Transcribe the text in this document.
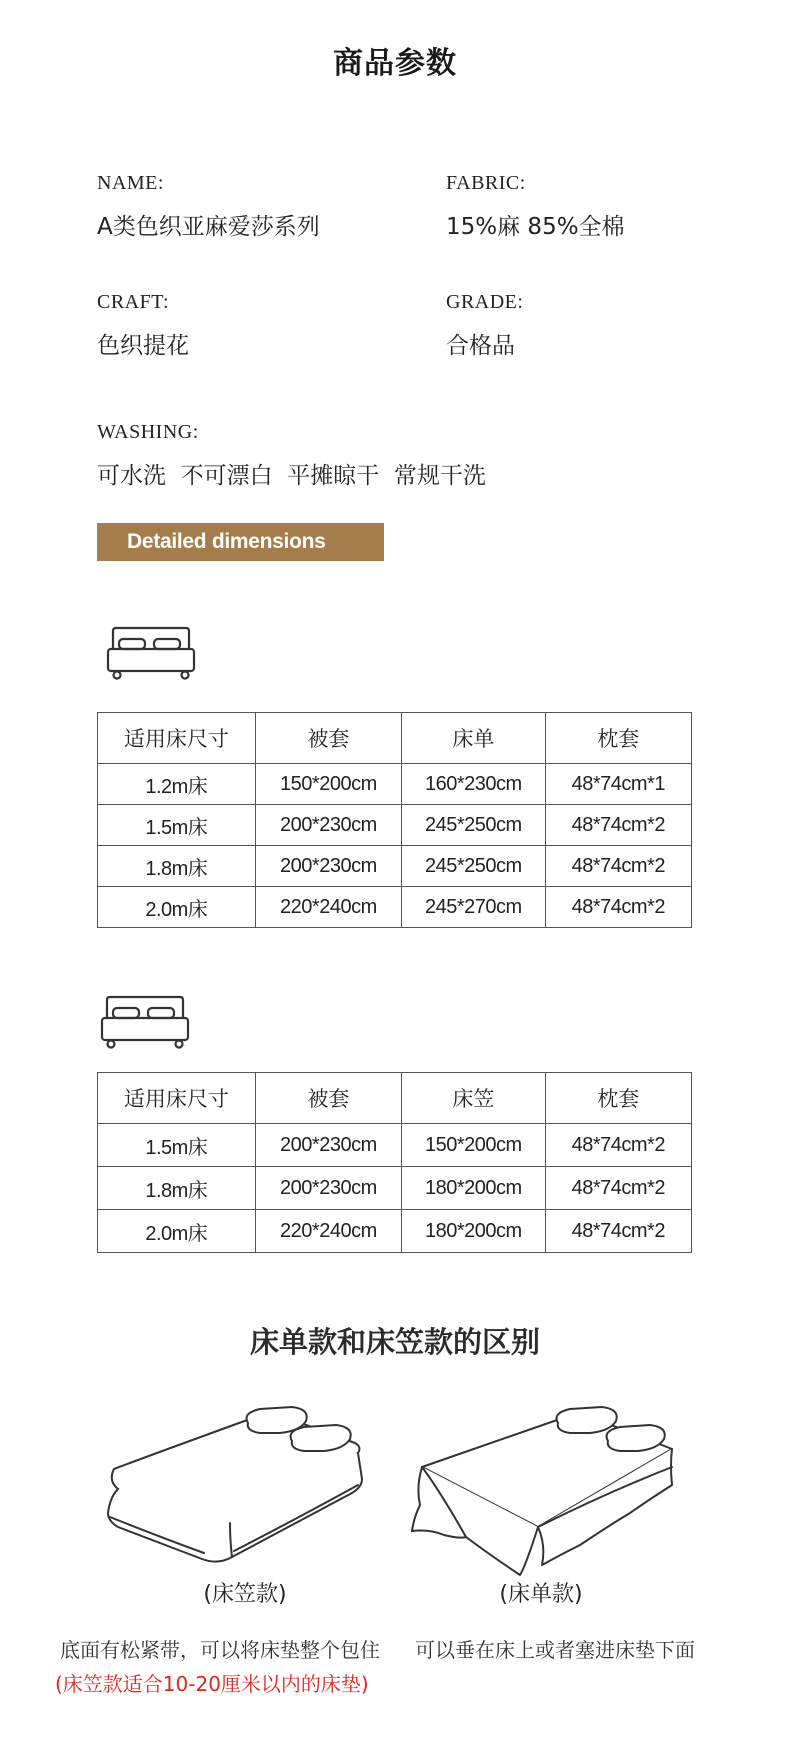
商品参数
NAME:
A类色织亚麻爱莎系列
FABRIC:
15%麻 85%全棉
CRAFT:
色织提花
GRADE:
合格品
WASHING:
可水洗  不可漂白  平摊晾干  常规干洗
Detailed dimensions
适用床尺寸	被套	床单	枕套
1.2m床	150*200cm	160*230cm	48*74cm*1
1.5m床	200*230cm	245*250cm	48*74cm*2
1.8m床	200*230cm	245*250cm	48*74cm*2
2.0m床	220*240cm	245*270cm	48*74cm*2
适用床尺寸	被套	床笠	枕套
1.5m床	200*230cm	150*200cm	48*74cm*2
1.8m床	200*230cm	180*200cm	48*74cm*2
2.0m床	220*240cm	180*200cm	48*74cm*2
床单款和床笠款的区别
(床笠款)	(床单款)
底面有松紧带，可以将床垫整个包住 可以垂在床上或者塞进床垫下面
(床笠款适合10-20厘米以内的床垫)
